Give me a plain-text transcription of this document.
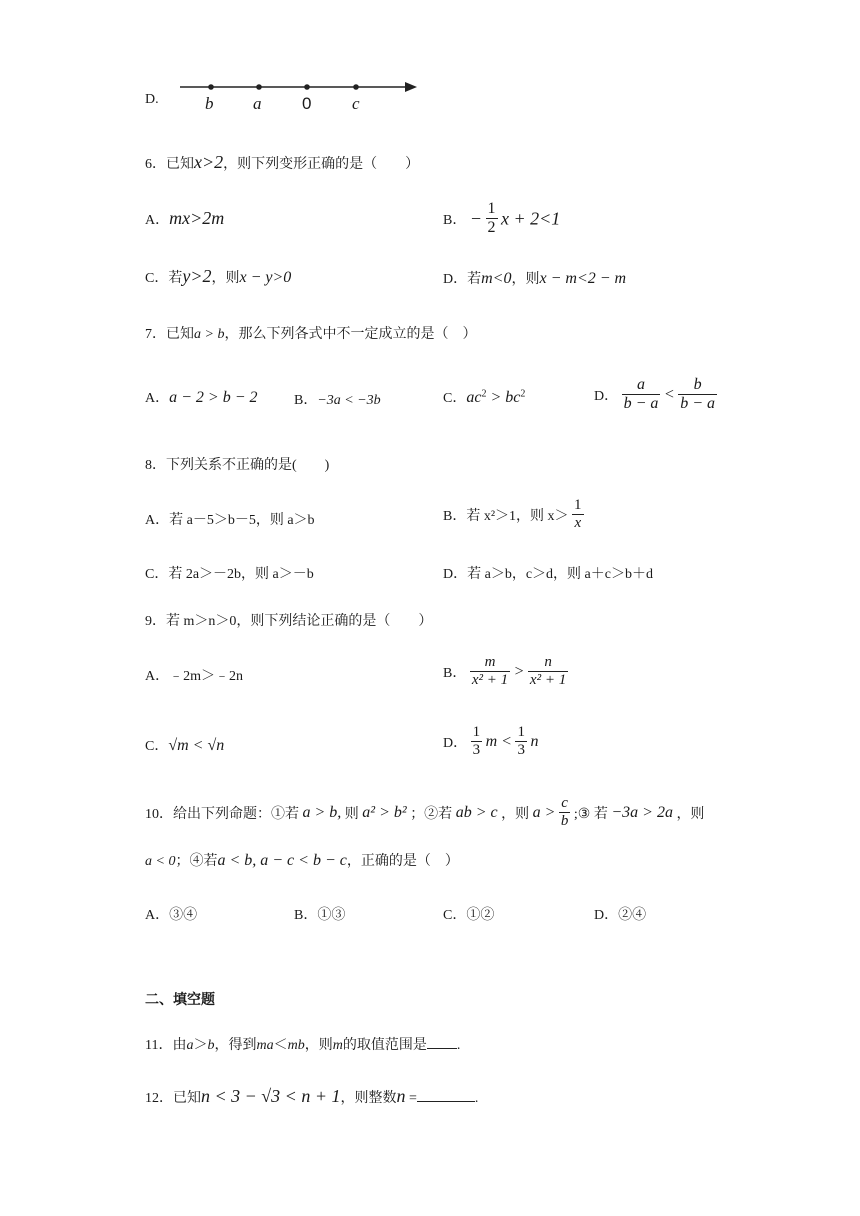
D.	b a 0 c
6．已知x>2，则下列变形正确的是（　　）
A．mx>2m	B． − $\frac{1}{2}$ x + 2<1
C．若y>2，则x − y>0	D．若m<0，则x − m<2 − m
7．已知a > b，那么下列各式中不一定成立的是（　）
A．a − 2 > b − 2	B．−3a < −3b	C．$ac^2 > bc^2$	D． $\frac{a}{b - a} < \frac{b}{b - a}$
8．下列关系不正确的是(　　)
A．若 a－5＞b－5，则 a＞b	B．若 x²＞1，则 $x> \frac{1}{x}$
C．若 2a＞－2b，则 a＞－b	D．若 a＞b，c＞d，则 a＋c＞b＋d
9．若 m＞n＞0，则下列结论正确的是（　　）
A．﹣2m＞﹣2n	B． $\frac{m}{\text{x² + 1}} > \frac{n}{\text{x² + 1}}$
C．√m < √n	D． $\frac{1}{3}$ $m < \frac{1}{3}$ n
10．给出下列命题：①若 a > b, 则 a² > b² ；②若 ab > c ，则 $a > \frac{c}{b}$ ;③ 若 −3a > 2a ，则
a < 0；④若a < b, a − c < b − c，正确的是（　）
A．③④	B．①③	C．①②	D．②④
二、填空题
11．由a＞b，得到ma＜mb，则m的取值范围是 .
12．已知n < 3 − √3 < n + 1，则整数n =	.
